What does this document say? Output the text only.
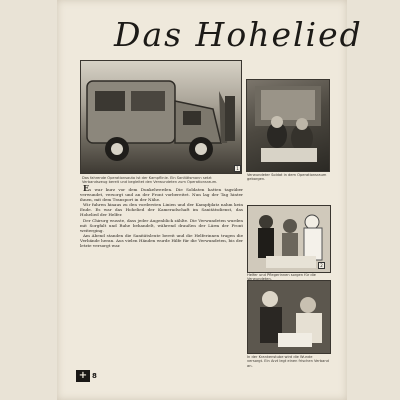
Das Hohelied
1
Das fahrende Operationsauto ist der Kampflinie. Ein Sanitätsmann setzt Verbandszeug bereit und begleitet den Verwundeten zum Operationsraum.
Verwundeter Soldat in dem Operationsraum geborgen.
2
Helfer und Pflegerinnen sorgen für die
In der Krankenstube wird die Wunde versorgt. Ein Arzt legt einen frischen Verband an.

Es war kurz vor dem Dunkelwerden. Die Soldaten hatten tagsüber verwundet, versorgt und an der Front vorbereitet. Nun lag der Tag hinter ihnen, mit dem Transport in der Nähe.

Wir fuhren hinaus zu den vordersten Linien und der Kampfplatz nahm kein Ende. Es war das Hohelied der Kameradschaft im Sanitätsdienst, das Hohelied der Helfer.

Der Chirurg wusste, dass jeder Augenblick zählte. Die Verwundeten wurden mit Sorgfalt und Ruhe behandelt, während draußen der Lärm der Front weiterging.

Am Abend standen die Sanitätsleute bereit und die Helferinnen trugen die Verbände heran. Aus vielen Händen wurde Hilfe für die Verwundeten, bis der letzte versorgt war.

+ 8
